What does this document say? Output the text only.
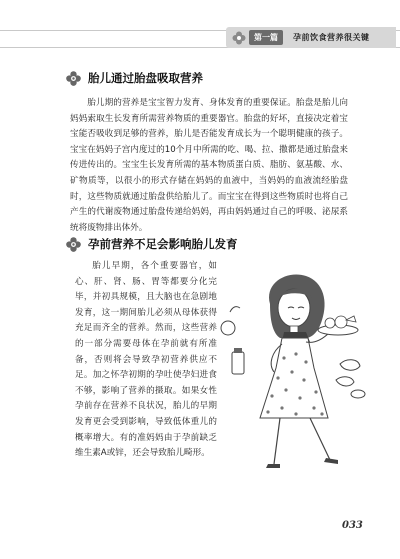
第一篇	孕前饮食营养很关键
胎儿通过胎盘吸取营养

胎儿期的营养是宝宝智力发育、身体发育的重要保证。胎盘是胎儿向妈妈索取生长发育所需营养物质的重要器官。胎盘的好坏，直接决定着宝宝能否吸收到足够的营养，胎儿是否能发育成长为一个聪明健康的孩子。宝宝在妈妈子宫内度过的10个月中所需的吃、喝、拉、撒都是通过胎盘来传进传出的。宝宝生长发育所需的基本物质蛋白质、脂肪、氨基酸、水、矿物质等，以很小的形式存储在妈妈的血液中，当妈妈的血液流经胎盘时，这些物质就通过胎盘供给胎儿了。而宝宝在得到这些物质时也将自己产生的代谢废物通过胎盘传递给妈妈，再由妈妈通过自己的呼吸、泌尿系统将废物排出体外。

孕前营养不足会影响胎儿发育

胎儿早期，各个重要器官，如心、肝、肾、肠、胃等都要分化完毕，并初具规模，且大脑也在急剧地发育，这一期间胎儿必须从母体获得充足而齐全的营养。然而，这些营养的一部分需要母体在孕前就有所准备，否则将会导致孕初营养供应不足。加之怀孕初期的孕吐使孕妇进食不够，影响了营养的摄取。如果女性孕前存在营养不良状况，胎儿的早期发育更会受到影响，导致低体重儿的概率增大。有的准妈妈由于孕前缺乏维生素A或锌，还会导致胎儿畸形。

033
